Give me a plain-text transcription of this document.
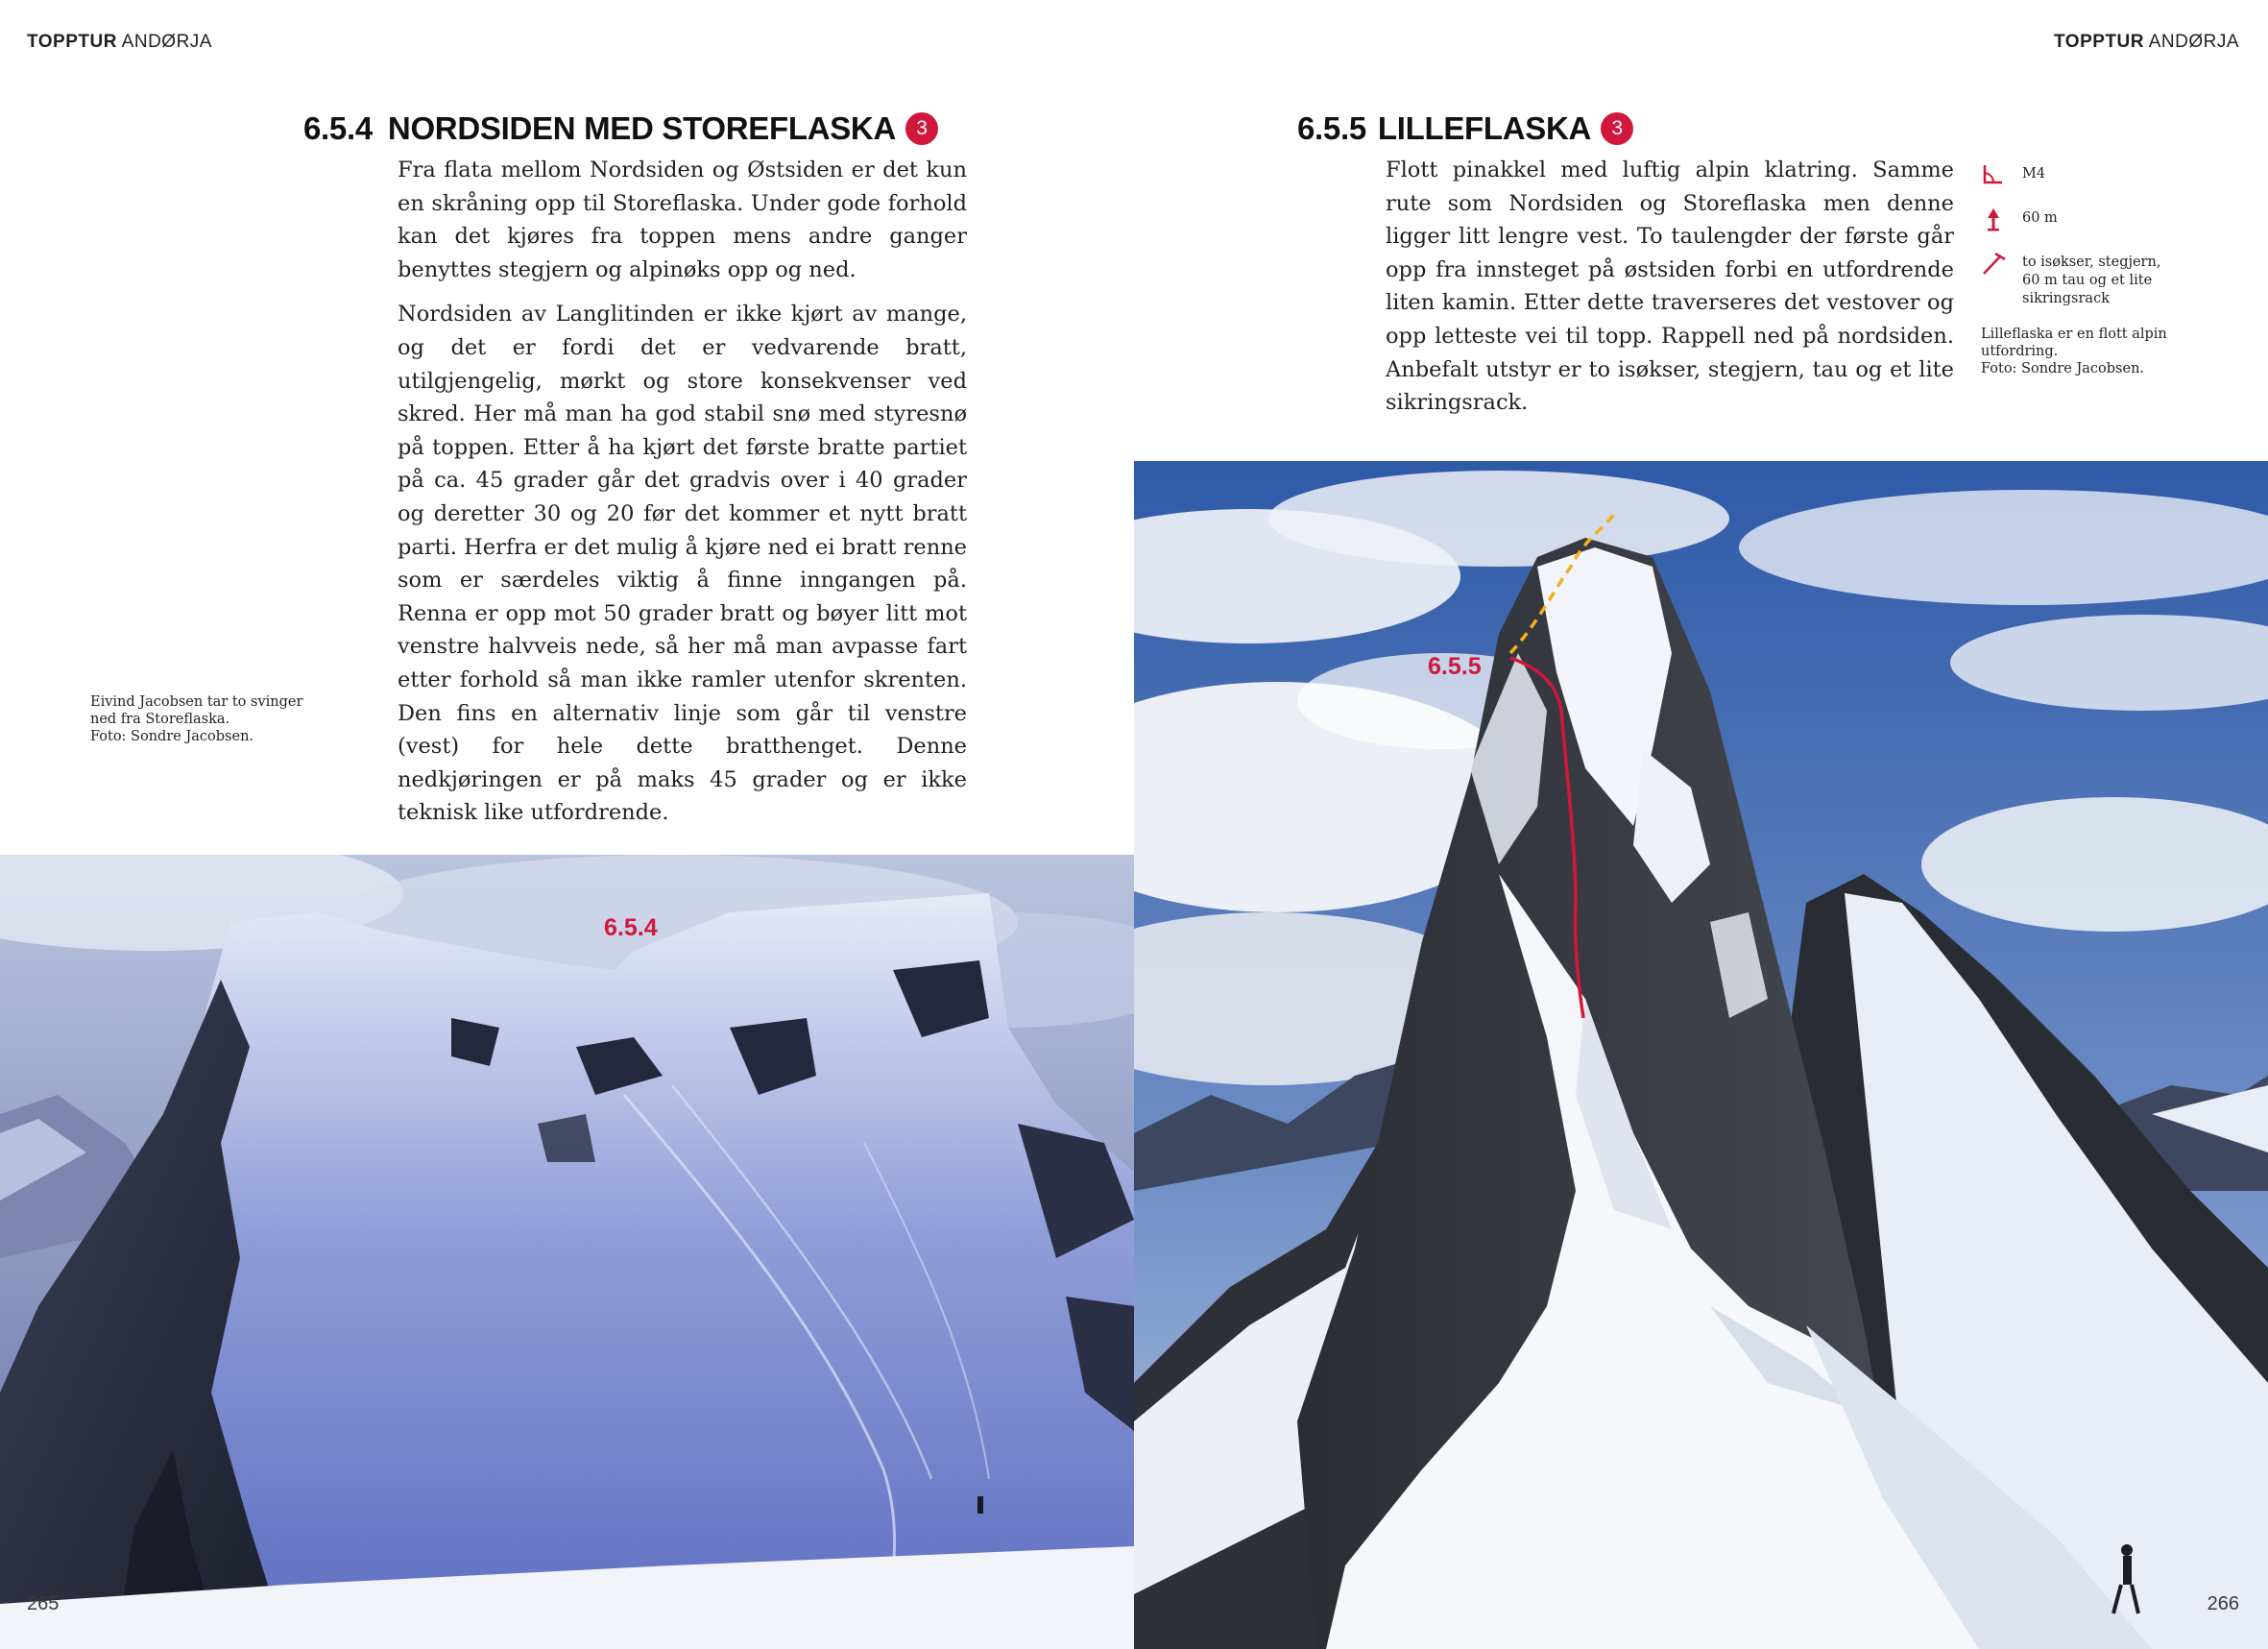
TOPPTUR ANDØRJA
6.5.4 NORDSIDEN MED STOREFLASKA	3

Fra flata mellom Nordsiden og Østsiden er det kun en skråning opp til Storeflaska. Under gode forhold kan det kjøres fra toppen mens andre ganger benyttes stegjern og alpinøks opp og ned.

Nordsiden av Langlitinden er ikke kjørt av mange, og det er fordi det er vedvarende bratt, utilgjengelig, mørkt og store konsekvenser ved skred. Her må man ha god stabil snø med styresnø på toppen. Etter å ha kjørt det første bratte partiet på ca. 45 grader går det gradvis over i 40 grader og deretter 30 og 20 før det kommer et nytt bratt parti. Herfra er det mulig å kjøre ned ei bratt renne som er særdeles viktig å finne inngangen på. Renna er opp mot 50 grader bratt og bøyer litt mot venstre halvveis nede, så her må man avpasse fart etter forhold så man ikke ramler utenfor skrenten. Den fins en alternativ linje som går til venstre (vest) for hele dette bratthenget. Denne nedkjøringen er på maks 45 grader og er ikke teknisk like utfordrende.

Eivind Jacobsen tar to svinger
ned fra Storeflaska.
Foto: Sondre Jacobsen.
6.5.4
265
TOPPTUR ANDØRJA
6.5.5 LILLEFLASKA	3

Flott pinakkel med luftig alpin klatring. Samme rute som Nordsiden og Storeflaska men denne ligger litt lengre vest. To taulengder der første går opp fra innsteget på østsiden forbi en utfordrende liten kamin. Etter dette traverseres det vestover og opp letteste vei til topp. Rappell ned på nordsiden. Anbefalt utstyr er to isøkser, stegjern, tau og et lite sikringsrack.

M4
60 m
to isøkser, stegjern,
60 m tau og et lite
sikringsrack
Lilleflaska er en flott alpin
utfordring.
Foto: Sondre Jacobsen.
6.5.5
266
